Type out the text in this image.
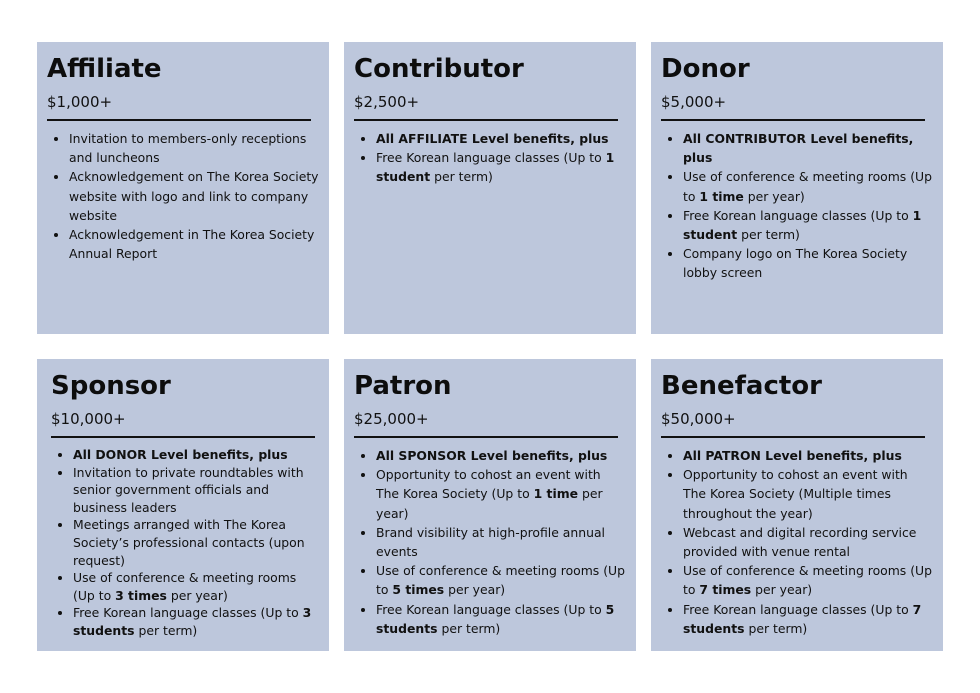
Affiliate
$1,000+
• Invitation to members-only receptions and luncheons
• Acknowledgement on The Korea Society website with logo and link to company website
• Acknowledgement in The Korea Society Annual Report
Contributor
$2,500+
• All AFFILIATE Level benefits, plus
• Free Korean language classes (Up to 1 student per term)
Donor
$5,000+
• All CONTRIBUTOR Level benefits, plus
• Use of conference & meeting rooms (Up to 1 time per year)
• Free Korean language classes (Up to 1 student per term)
• Company logo on The Korea Society lobby screen
Sponsor
$10,000+
• All DONOR Level benefits, plus
• Invitation to private roundtables with senior government officials and business leaders
• Meetings arranged with The Korea Society’s professional contacts (upon request)
• Use of conference & meeting rooms (Up to 3 times per year)
• Free Korean language classes (Up to 3 students per term)
Patron
$25,000+
• All SPONSOR Level benefits, plus
• Opportunity to cohost an event with The Korea Society (Up to 1 time per year)
• Brand visibility at high-profile annual events
• Use of conference & meeting rooms (Up to 5 times per year)
• Free Korean language classes (Up to 5 students per term)
Benefactor
$50,000+
• All PATRON Level benefits, plus
• Opportunity to cohost an event with The Korea Society (Multiple times throughout the year)
• Webcast and digital recording service provided with venue rental
• Use of conference & meeting rooms (Up to 7 times per year)
• Free Korean language classes (Up to 7 students per term)
